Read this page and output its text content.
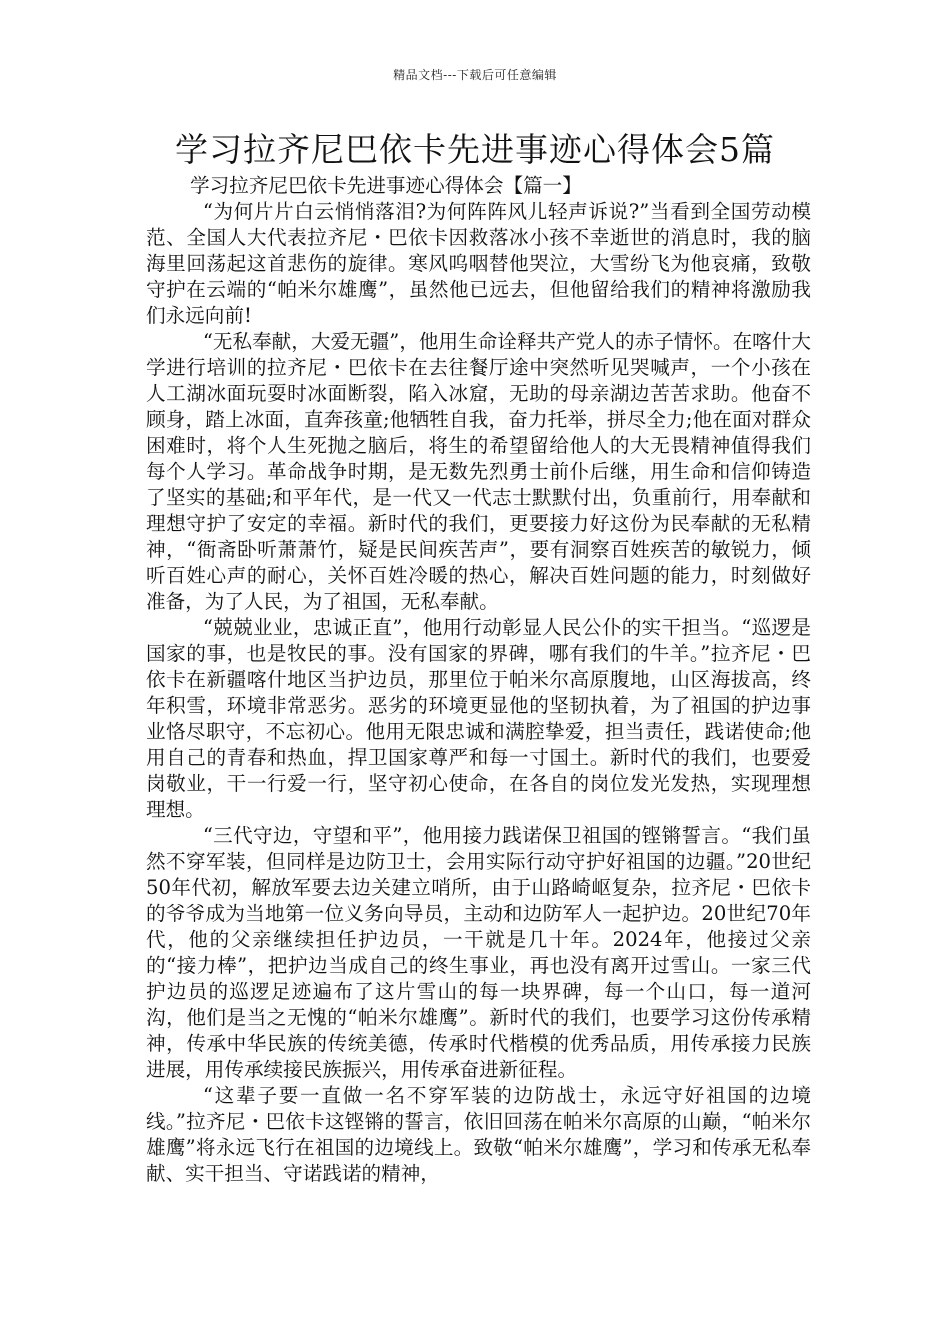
精品文档---下载后可任意编辑
学习拉齐尼巴依卡先进事迹心得体会5篇

学习拉齐尼巴依卡先进事迹心得体会【篇一】

“为何片片白云悄悄落泪?为何阵阵风儿轻声诉说?”当看到全国劳动模范、全国人大代表拉齐尼・巴依卡因救落冰小孩不幸逝世的消息时，我的脑海里回荡起这首悲伤的旋律。寒风呜咽替他哭泣，大雪纷飞为他哀痛，致敬守护在云端的“帕米尔雄鹰”，虽然他已远去，但他留给我们的精神将激励我们永远向前!

“无私奉献，大爱无疆”，他用生命诠释共产党人的赤子情怀。在喀什大学进行培训的拉齐尼・巴依卡在去往餐厅途中突然听见哭喊声，一个小孩在人工湖冰面玩耍时冰面断裂，陷入冰窟，无助的母亲湖边苦苦求助。他奋不顾身，踏上冰面，直奔孩童;他牺牲自我，奋力托举，拼尽全力;他在面对群众困难时，将个人生死抛之脑后，将生的希望留给他人的大无畏精神值得我们每个人学习。革命战争时期，是无数先烈勇士前仆后继，用生命和信仰铸造了坚实的基础;和平年代，是一代又一代志士默默付出，负重前行，用奉献和理想守护了安定的幸福。新时代的我们，更要接力好这份为民奉献的无私精神，“衙斋卧听萧萧竹，疑是民间疾苦声”，要有洞察百姓疾苦的敏锐力，倾听百姓心声的耐心，关怀百姓冷暖的热心，解决百姓问题的能力，时刻做好准备，为了人民，为了祖国，无私奉献。

“兢兢业业，忠诚正直”，他用行动彰显人民公仆的实干担当。“巡逻是国家的事，也是牧民的事。没有国家的界碑，哪有我们的牛羊。”拉齐尼・巴依卡在新疆喀什地区当护边员，那里位于帕米尔高原腹地，山区海拔高，终年积雪，环境非常恶劣。恶劣的环境更显他的坚韧执着，为了祖国的护边事业恪尽职守，不忘初心。他用无限忠诚和满腔挚爱，担当责任，践诺使命;他用自己的青春和热血，捍卫国家尊严和每一寸国土。新时代的我们，也要爱岗敬业，干一行爱一行，坚守初心使命，在各自的岗位发光发热，实现理想理想。

“三代守边，守望和平”，他用接力践诺保卫祖国的铿锵誓言。“我们虽然不穿军装，但同样是边防卫士，会用实际行动守护好祖国的边疆。”20世纪50年代初，解放军要去边关建立哨所，由于山路崎岖复杂，拉齐尼・巴依卡的爷爷成为当地第一位义务向导员，主动和边防军人一起护边。20世纪70年代，他的父亲继续担任护边员，一干就是几十年。2024年，他接过父亲的“接力棒”，把护边当成自己的终生事业，再也没有离开过雪山。一家三代护边员的巡逻足迹遍布了这片雪山的每一块界碑，每一个山口，每一道河沟，他们是当之无愧的“帕米尔雄鹰”。新时代的我们，也要学习这份传承精神，传承中华民族的传统美德，传承时代楷模的优秀品质，用传承接力民族进展，用传承续接民族振兴，用传承奋进新征程。

“这辈子要一直做一名不穿军装的边防战士，永远守好祖国的边境线。”拉齐尼・巴依卡这铿锵的誓言，依旧回荡在帕米尔高原的山巅，“帕米尔雄鹰”将永远飞行在祖国的边境线上。致敬“帕米尔雄鹰”，学习和传承无私奉献、实干担当、守诺践诺的精神，
